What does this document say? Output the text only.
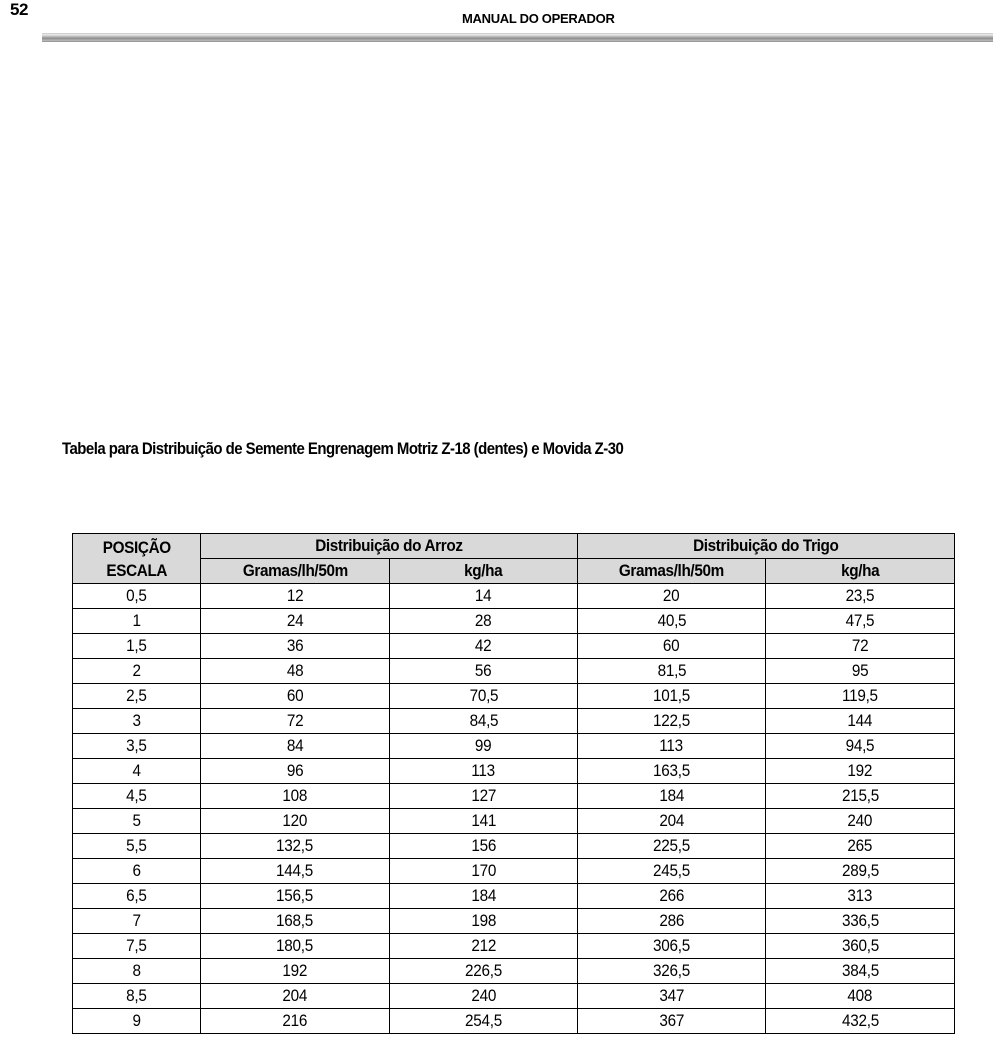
52	MANUAL DO OPERADOR
Tabela para Distribuição de Semente Engrenagem Motriz Z-18 (dentes) e Movida Z-30
POSIÇÃO
ESCALA	Distribuição do Arroz		Distribuição do Trigo	
	Gramas/lh/50m	kg/ha	Gramas/lh/50m	kg/ha
0,5	12	14	20	23,5
1	24	28	40,5	47,5
1,5	36	42	60	72
2	48	56	81,5	95
2,5	60	70,5	101,5	119,5
3	72	84,5	122,5	144
3,5	84	99	113	94,5
4	96	113	163,5	192
4,5	108	127	184	215,5
5	120	141	204	240
5,5	132,5	156	225,5	265
6	144,5	170	245,5	289,5
6,5	156,5	184	266	313
7	168,5	198	286	336,5
7,5	180,5	212	306,5	360,5
8	192	226,5	326,5	384,5
8,5	204	240	347	408
9	216	254,5	367	432,5
